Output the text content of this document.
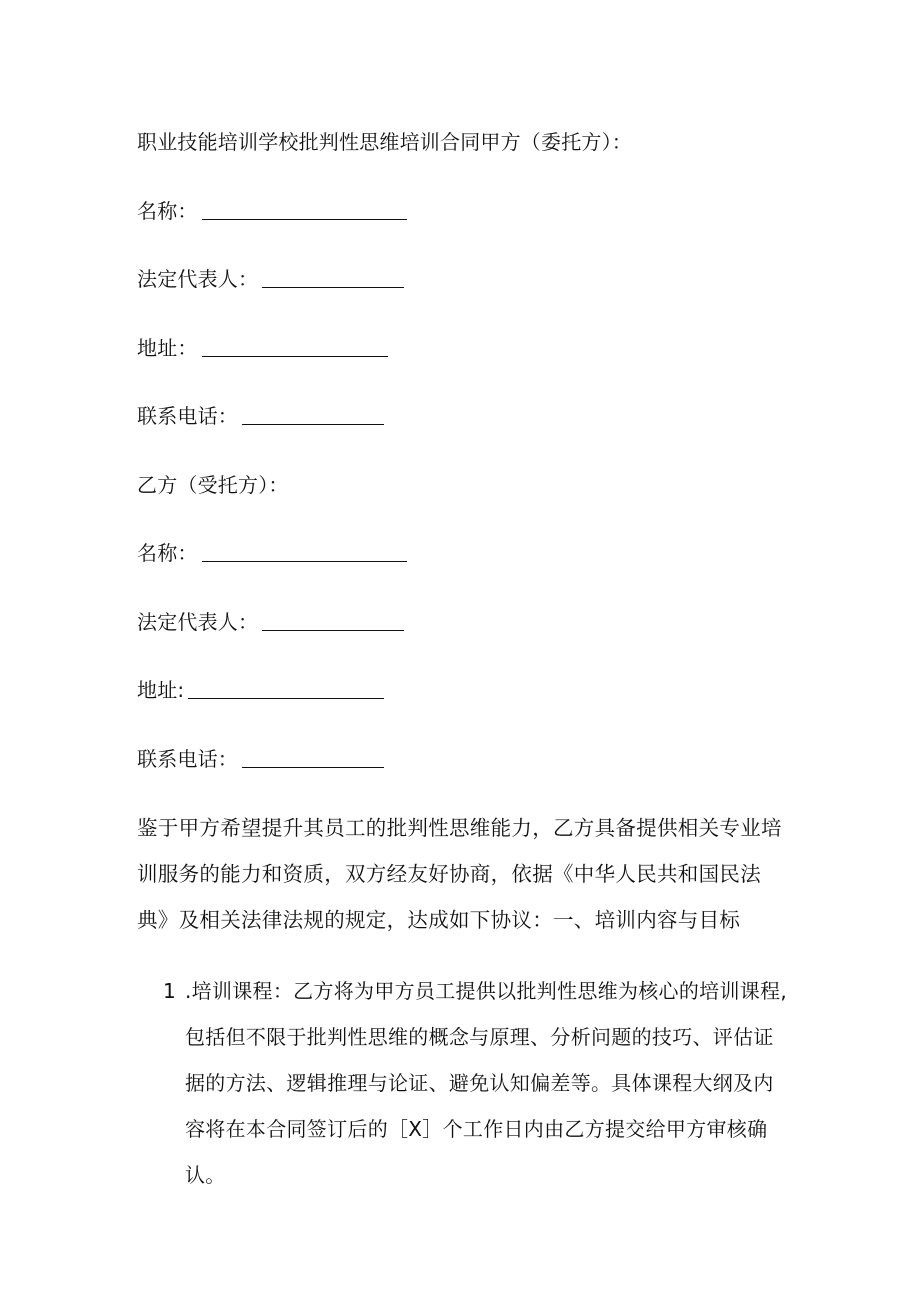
职业技能培训学校批判性思维培训合同甲方（委托方）：
名称：
法定代表人：
地址：
联系电话：
乙方（受托方）：
名称：
法定代表人：
地址:
联系电话：
鉴于甲方希望提升其员工的批判性思维能力，乙方具备提供相关专业培训服务的能力和资质，双方经友好协商，依据《中华人民共和国民法典》及相关法律法规的规定，达成如下协议：一、培训内容与目标
1 .培训课程：乙方将为甲方员工提供以批判性思维为核心的培训课程,包括但不限于批判性思维的概念与原理、分析问题的技巧、评估证据的方法、逻辑推理与论证、避免认知偏差等。具体课程大纲及内容将在本合同签订后的［X］个工作日内由乙方提交给甲方审核确认。
